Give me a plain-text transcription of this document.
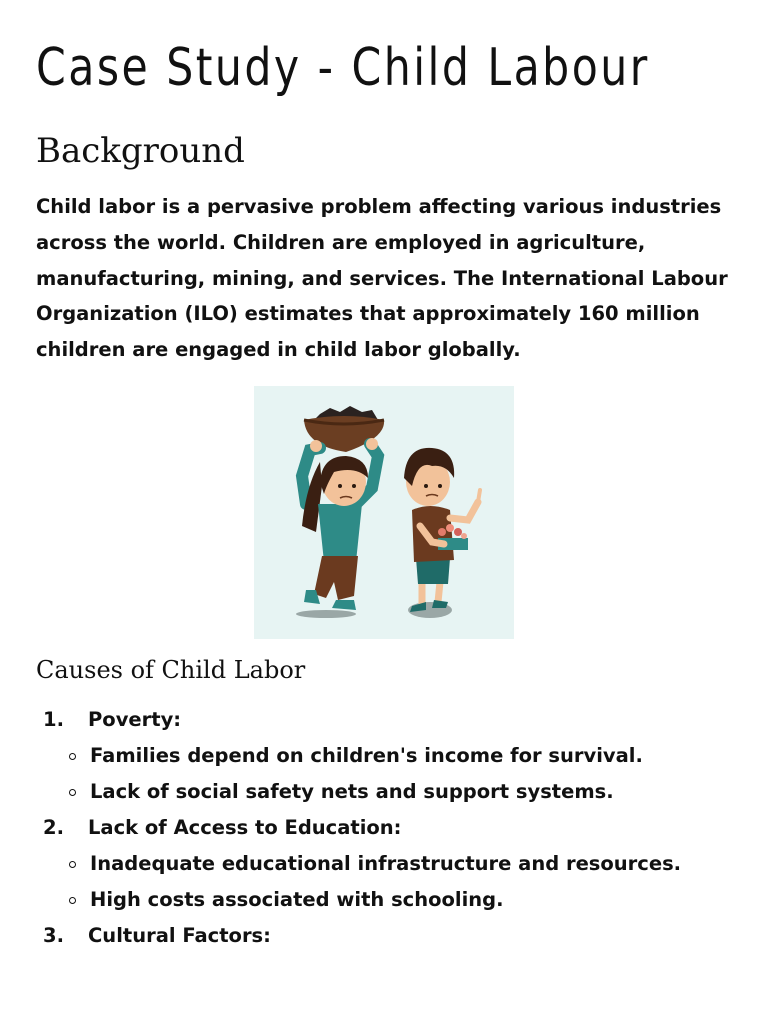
Case Study - Child Labour
Background

Child labor is a pervasive problem affecting various industries across the world. Children are employed in agriculture, manufacturing, mining, and services. The International Labour Organization (ILO) estimates that approximately 160 million children are engaged in child labor globally.

Causes of Child Labor
1. Poverty:
Families depend on children's income for survival.
Lack of social safety nets and support systems.
2. Lack of Access to Education:
Inadequate educational infrastructure and resources.
High costs associated with schooling.
3. Cultural Factors:
